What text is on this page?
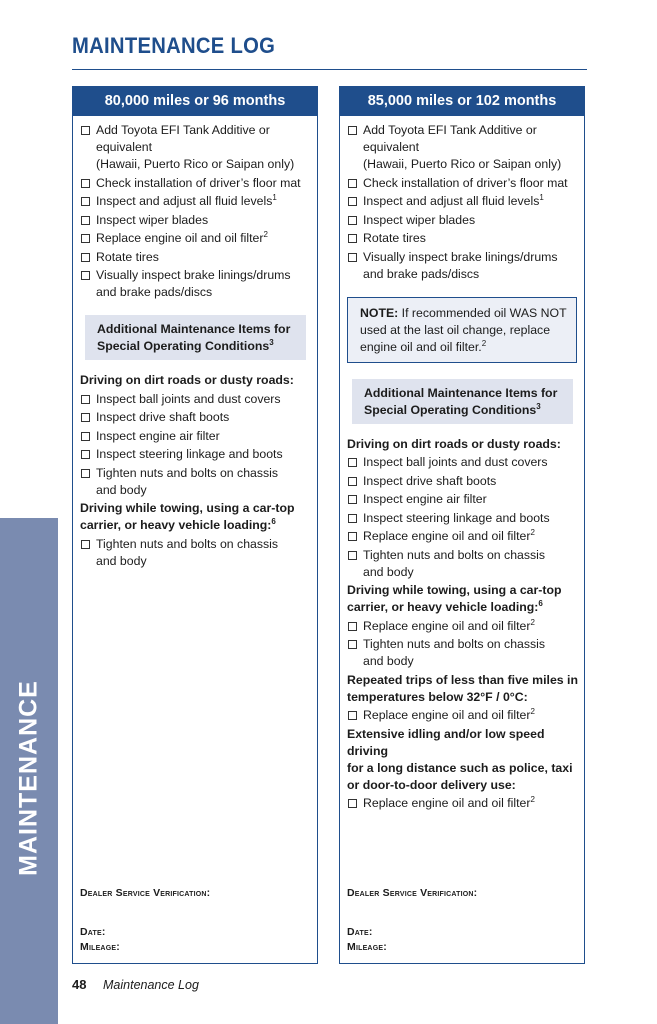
MAINTENANCE
MAINTENANCE LOG
80,000 miles or 96 months
Add Toyota EFI Tank Additive or equivalent
(Hawaii, Puerto Rico or Saipan only)
Check installation of driver’s floor mat
Inspect and adjust all fluid levels$^1$
Inspect wiper blades
Replace engine oil and oil filter$^2$
Rotate tires
Visually inspect brake linings/drums
and brake pads/discs
Additional Maintenance Items for
Special Operating Conditions$^3$
Driving on dirt roads or dusty roads:
Inspect ball joints and dust covers
Inspect drive shaft boots
Inspect engine air filter
Inspect steering linkage and boots
Tighten nuts and bolts on chassis
and body
Driving while towing, using a car-top
carrier, or heavy vehicle loading:$^6$
Tighten nuts and bolts on chassis
and body
Dealer Service Verification:
Date:
Mileage:
85,000 miles or 102 months
Add Toyota EFI Tank Additive or equivalent
(Hawaii, Puerto Rico or Saipan only)
Check installation of driver’s floor mat
Inspect and adjust all fluid levels$^1$
Inspect wiper blades
Rotate tires
Visually inspect brake linings/drums
and brake pads/discs
NOTE: If recommended oil WAS NOT
used at the last oil change, replace
engine oil and oil filter.$^2$
Additional Maintenance Items for
Special Operating Conditions$^3$
Driving on dirt roads or dusty roads:
Inspect ball joints and dust covers
Inspect drive shaft boots
Inspect engine air filter
Inspect steering linkage and boots
Replace engine oil and oil filter$^2$
Tighten nuts and bolts on chassis
and body
Driving while towing, using a car-top
carrier, or heavy vehicle loading:$^6$
Replace engine oil and oil filter$^2$
Tighten nuts and bolts on chassis
and body
Repeated trips of less than five miles in
temperatures below 32°F / 0°C:
Replace engine oil and oil filter$^2$
Extensive idling and/or low speed driving
for a long distance such as police, taxi
or door-to-door delivery use:
Replace engine oil and oil filter$^2$
Dealer Service Verification:
Date:
Mileage:
48 Maintenance Log
